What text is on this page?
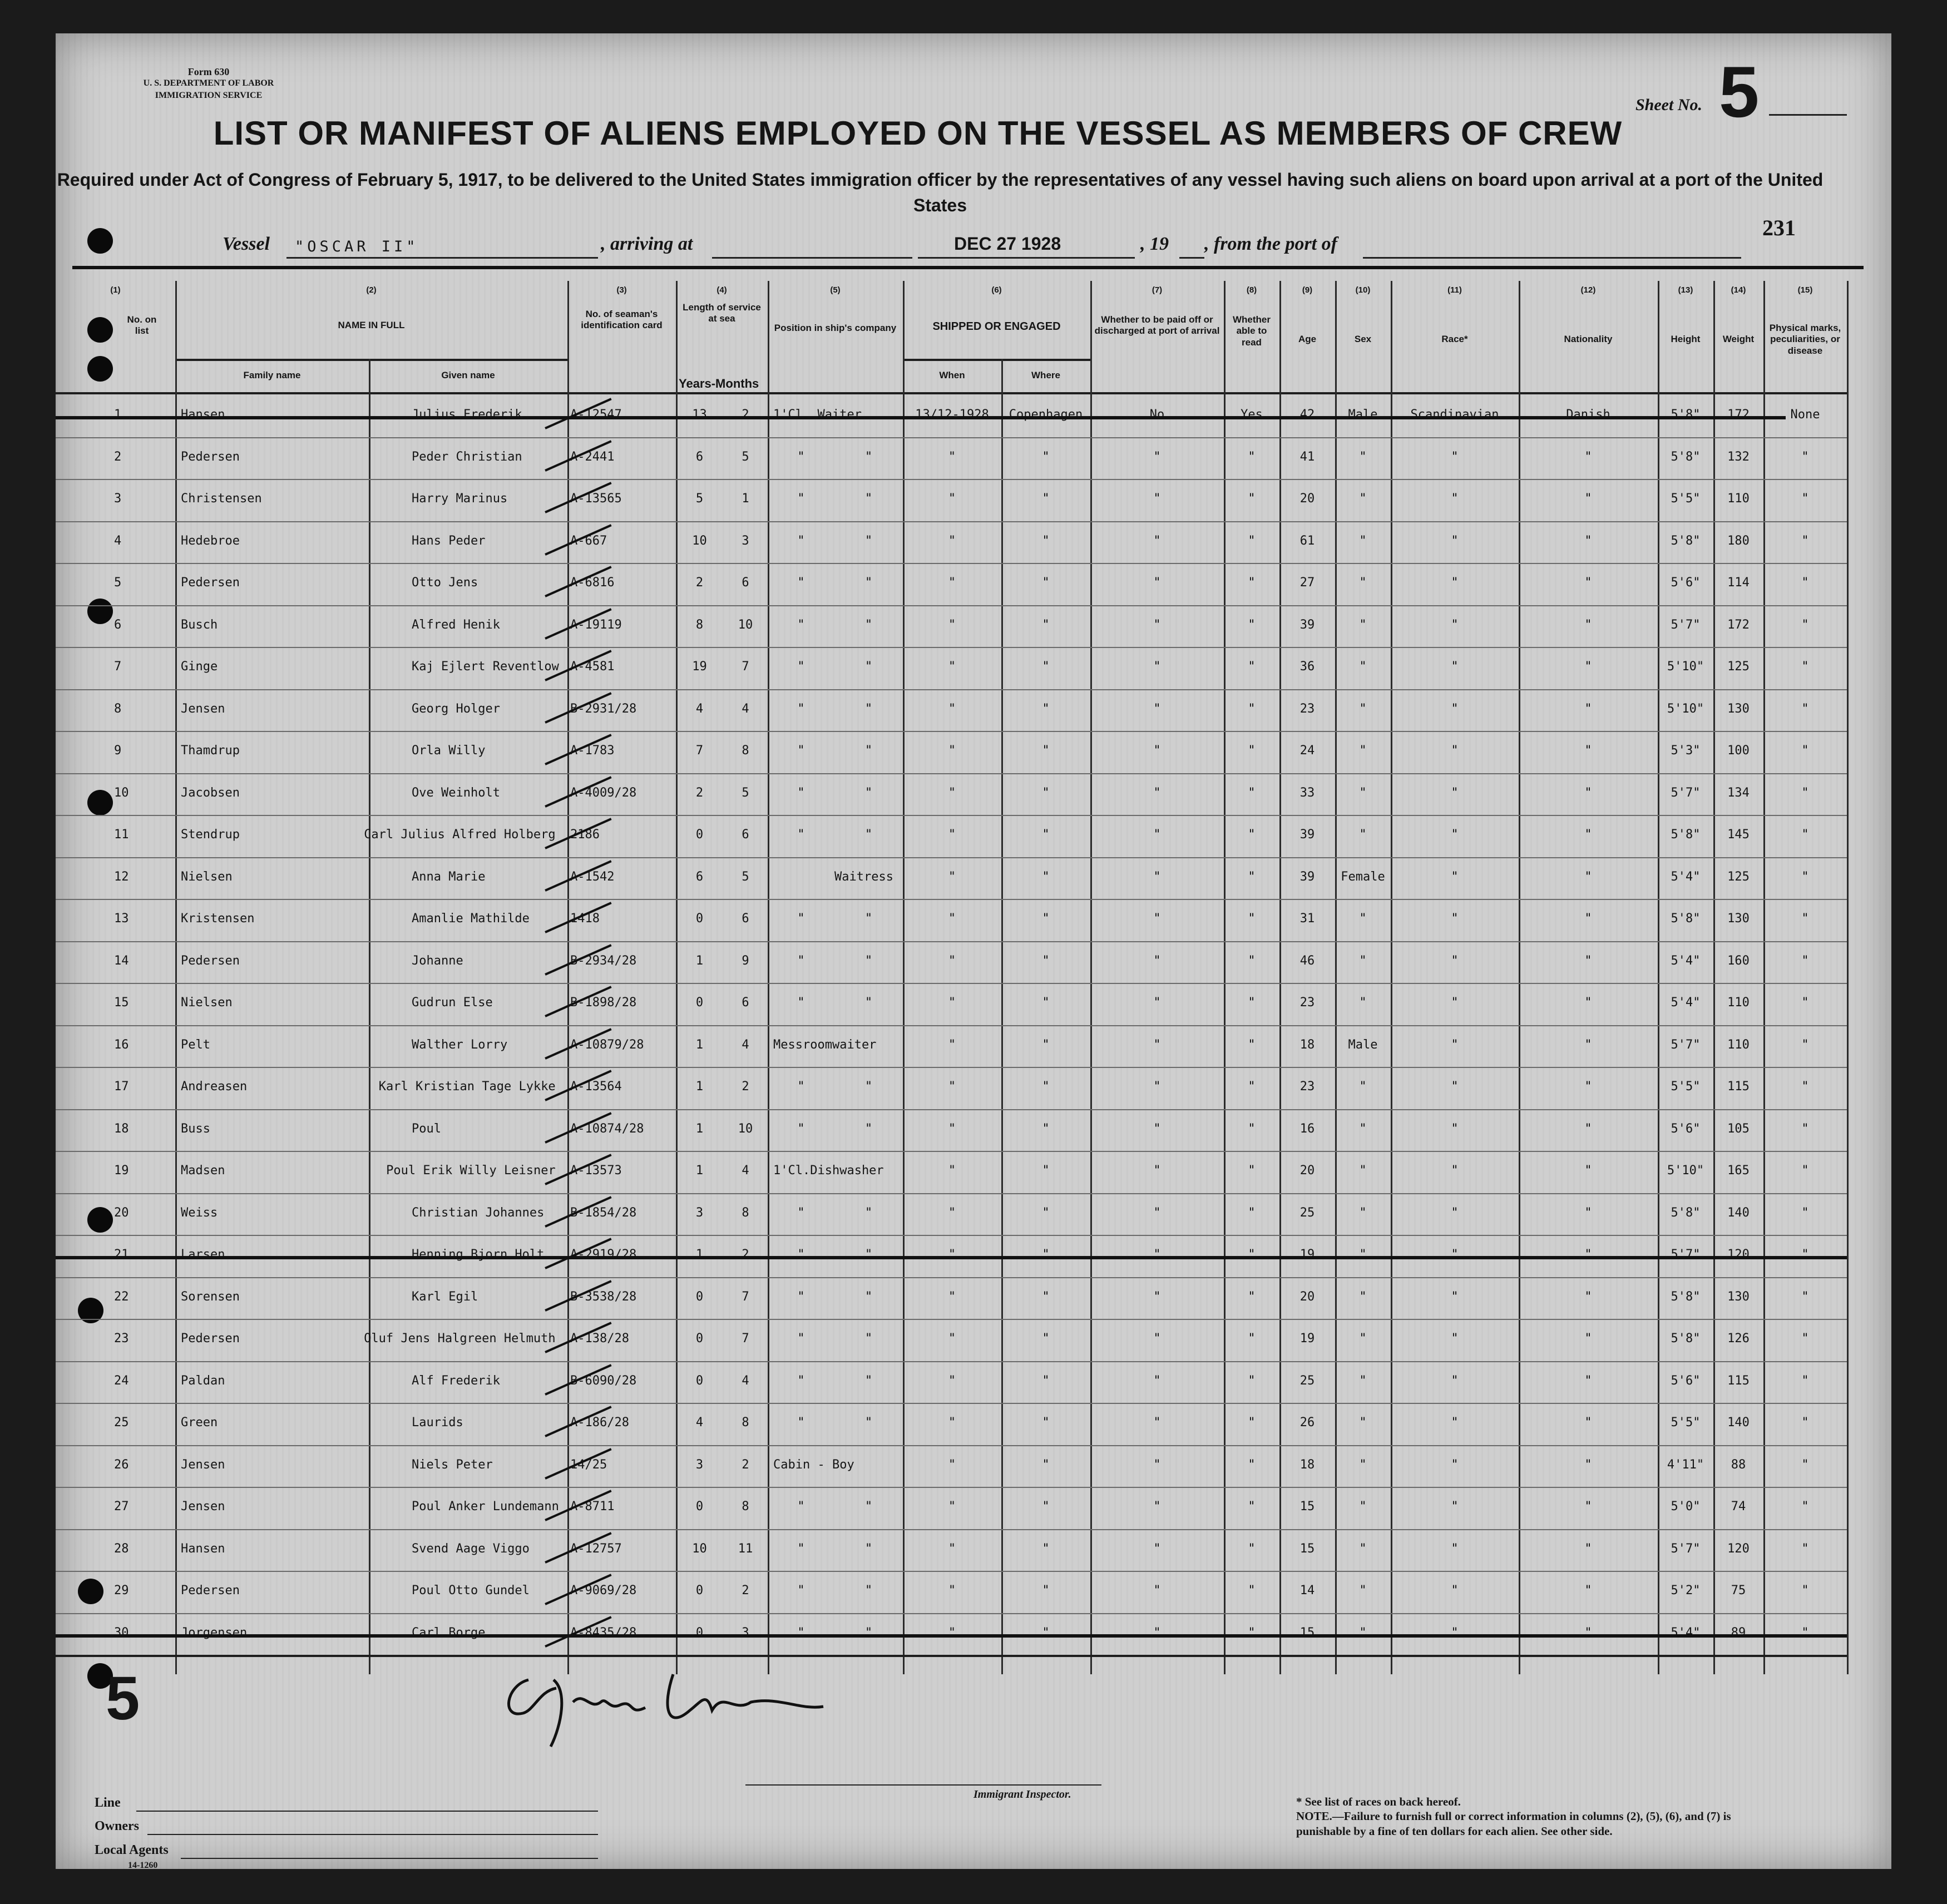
Form 630
U. S. DEPARTMENT OF LABOR
IMMIGRATION SERVICE
LIST OR MANIFEST OF ALIENS EMPLOYED ON THE VESSEL AS MEMBERS OF CREW
Required under Act of Congress of February 5, 1917, to be delivered to the United States immigration officer by the representatives of any vessel having such aliens on board upon arrival at a port of the United States
Sheet No. 5
231
Vessel "OSCAR II"	, arriving at	DEC 27 1928	, 19 , from the port of
(1)	(2)	(3)	(4)	(5)	(6)	(7)	(8)	(9)	(10)	(11)	(12)	(13)	(14)	(15)
No. on list
NAME IN FULL
Family name	Given name
No. of seaman's identification card
Length of service at sea
Years-Months
Position in ship's company	SHIPPED OR ENGAGED
When	Where
Whether to be paid off or discharged at port of arrival
Whether able to read	Age	Sex	Race*	Nationality	Height	Weight
Physical marks, peculiarities, or disease
1	Hansen	Julius Frederik	A-12547	13	2	1'Cl. Waiter	13/12-1928	Copenhagen	No	Yes	42	Male	Scandinavian	Danish	5'8"	172	None
2	Pedersen	Peder Christian	A-2441	6	5	"	"	"	"	"	"	41	"	"	"	5'8"	132	"
3	Christensen	Harry Marinus	A-13565	5	1	"	"	"	"	"	"	20	"	"	"	5'5"	110	"
4	Hedebroe	Hans Peder	A-667	10	3	"	"	"	"	"	"	61	"	"	"	5'8"	180	"
5	Pedersen	Otto Jens	A-6816	2	6	"	"	"	"	"	"	27	"	"	"	5'6"	114	"
6	Busch	Alfred Henik	A-19119	8	10	"	"	"	"	"	"	39	"	"	"	5'7"	172	"
7	Ginge	Kaj Ejlert Reventlow A-4581	19	7	"	"	"	"	"	"	36	"	"	"	5'10"	125	"
8	Jensen	Georg Holger	B-2931/28	4	4	"	"	"	"	"	"	23	"	"	"	5'10"	130	"
9	Thamdrup	Orla Willy	A-1783	7	8	"	"	"	"	"	"	24	"	"	"	5'3"	100	"
10	Jacobsen	Ove Weinholt	A-4009/28	2	5	"	"	"	"	"	"	33	"	"	"	5'7"	134	"
11	Stendrup	Carl Julius Alfred Holberg 2186	0	6	"	"	"	"	"	"	39	"	"	"	5'8"	145	"
12	Nielsen	Anna Marie	A-1542	6	5	Waitress	"	"	"	"	39	Female	"	"	5'4"	125	"
13	Kristensen	Amanlie Mathilde	1418	0	6	"	"	"	"	"	"	31	"	"	"	5'8"	130	"
14	Pedersen	Johanne	B-2934/28	1	9	"	"	"	"	"	"	46	"	"	"	5'4"	160	"
15	Nielsen	Gudrun Else	B-1898/28	0	6	"	"	"	"	"	"	23	"	"	"	5'4"	110	"
16	Pelt	Walther Lorry	A-10879/28	1	4	Messroomwaiter	"	"	"	"	18	Male	"	"	5'7"	110	"
17	Andreasen	Karl Kristian Tage Lykke A-13564	1	2	"	"	"	"	"	"	23	"	"	"	5'5"	115	"
18	Buss	Poul	A-10874/28	1	10	"	"	"	"	"	"	16	"	"	"	5'6"	105	"
19	Madsen	Poul Erik Willy Leisner A-13573	1	4	1'Cl.Dishwasher	"	"	"	"	20	"	"	"	5'10"	165	"
20	Weiss	Christian Johannes B-1854/28	3	8	"	"	"	"	"	"	25	"	"	"	5'8"	140	"
21	Larsen	Henning Bjorn Holt A-2919/28	1	2	"	"	"	"	"	"	19	"	"	"	5'7"	120	"
22	Sorensen	Karl Egil	B-3538/28	0	7	"	"	"	"	"	"	20	"	"	"	5'8"	130	"
23	Pedersen	Oluf Jens Halgreen Helmuth A-138/28	0	7	"	"	"	"	"	"	19	"	"	"	5'8"	126	"
24	Paldan	Alf Frederik	B-6090/28	0	4	"	"	"	"	"	"	25	"	"	"	5'6"	115	"
25	Green	Laurids	A-186/28	4	8	"	"	"	"	"	"	26	"	"	"	5'5"	140	"
26	Jensen	Niels Peter	14/25	3	2	Cabin - Boy	"	"	"	"	18	"	"	"	4'11"	88	"
27	Jensen	Poul Anker Lundemann A-8711	0	8	"	"	"	"	"	"	15	"	"	"	5'0"	74	"
28	Hansen	Svend Aage Viggo	A-12757	10	11	"	"	"	"	"	"	15	"	"	"	5'7"	120	"
29	Pedersen	Poul Otto Gundel	A-9069/28	0	2	"	"	"	"	"	"	14	"	"	"	5'2"	75	"
30	Jorgensen	Carl Borge	A-8435/28	0	3	"	"	"	"	"	"	15	"	"	"	5'4"	89	"
Line
Owners
Local Agents
14-1260
Immigrant Inspector.
* See list of races on back hereof.
NOTE.—Failure to furnish full or correct information in columns (2), (5), (6), and (7) is punishable by a fine of ten dollars for each alien. See other side.
5
